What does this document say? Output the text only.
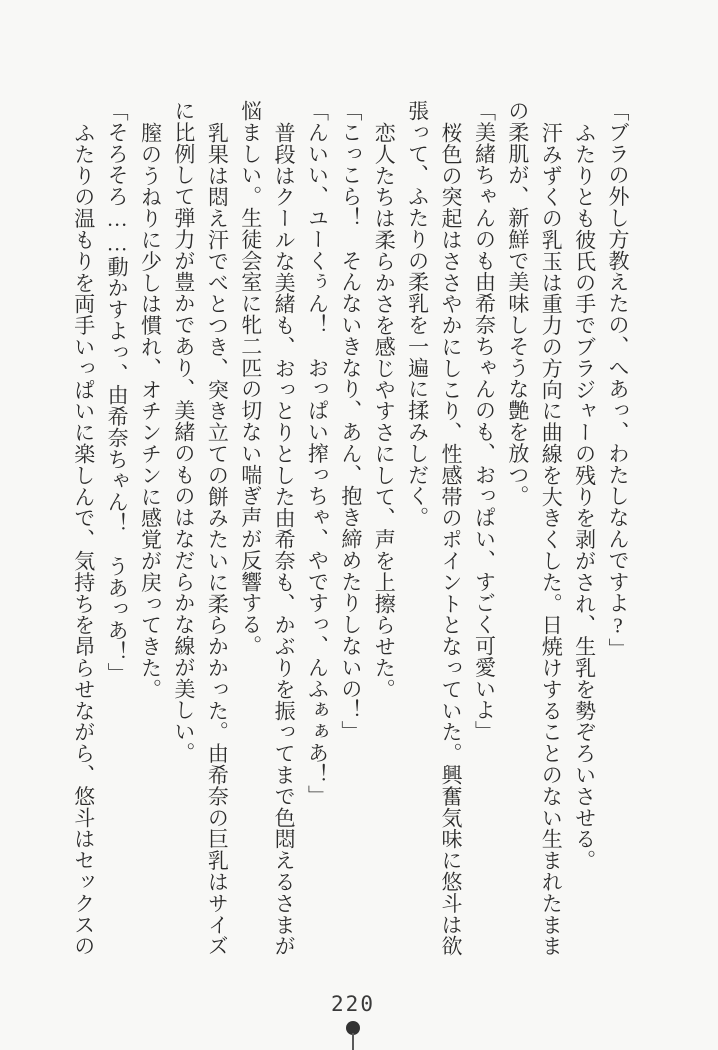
「ブラの外し方教えたの、へあっ、わたしなんですよ?」
ふたりとも彼氏の手でブラジャーの残りを剥がされ、生乳を勢ぞろいさせる。
汗みずくの乳玉は重力の方向に曲線を大きくした。日焼けすることのない生まれたまま
の柔肌が、新鮮で美味しそうな艶を放つ。
「美緒ちゃんのも由希奈ちゃんのも、おっぱい、すごく可愛いよ」
桜色の突起はささやかにしこり、性感帯のポイントとなっていた。興奮気味に悠斗は欲
張って、ふたりの柔乳を一遍に揉みしだく。
恋人たちは柔らかさを感じやすさにして、声を上擦らせた。
「こっこら！　そんないきなり、あん、抱き締めたりしないの！」
「んいい、ユーくぅん！　おっぱい搾っちゃ、やですっ、んふぁぁあ！」
普段はクールな美緒も、おっとりとした由希奈も、かぶりを振ってまで色悶えるさまが
悩ましい。生徒会室に牝二匹の切ない喘ぎ声が反響する。
乳果は悶え汗でべとつき、突き立ての餅みたいに柔らかかった。由希奈の巨乳はサイズ
に比例して弾力が豊かであり、美緒のものはなだらかな線が美しい。
膣のうねりに少しは慣れ、オチンチンに感覚が戻ってきた。
「そろそろ……動かすよっ、由希奈ちゃん！　うあっあ！」
ふたりの温もりを両手いっぱいに楽しんで、気持ちを昂らせながら、悠斗はセックスの
220
